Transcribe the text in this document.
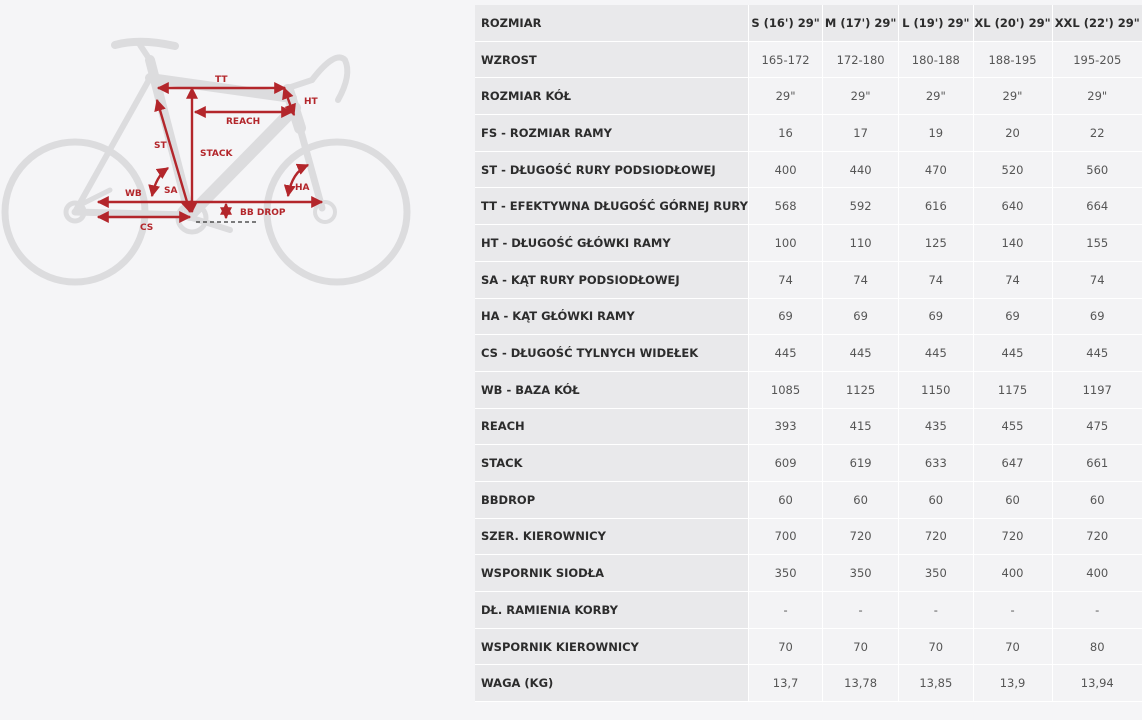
TT
HT
REACH
ST
STACK
WB SA	HA
BB DROP
CS
ROZMIAR	S (16') 29"	M (17') 29"	L (19') 29"	XL (20') 29"	XXL (22') 29"
WZROST	165-172	172-180	180-188	188-195	195-205
ROZMIAR KÓŁ	29"	29"	29"	29"	29"
FS - ROZMIAR RAMY	16	17	19	20	22
ST - DŁUGOŚĆ RURY PODSIODŁOWEJ	400	440	470	520	560
TT - EFEKTYWNA DŁUGOŚĆ GÓRNEJ RURY	568	592	616	640	664
HT - DŁUGOŚĆ GŁÓWKI RAMY	100	110	125	140	155
SA - KĄT RURY PODSIODŁOWEJ	74	74	74	74	74
HA - KĄT GŁÓWKI RAMY	69	69	69	69	69
CS - DŁUGOŚĆ TYLNYCH WIDEŁEK	445	445	445	445	445
WB - BAZA KÓŁ	1085	1125	1150	1175	1197
REACH	393	415	435	455	475
STACK	609	619	633	647	661
BBDROP	60	60	60	60	60
SZER. KIEROWNICY	700	720	720	720	720
WSPORNIK SIODŁA	350	350	350	400	400
DŁ. RAMIENIA KORBY	-	-	-	-	-
WSPORNIK KIEROWNICY	70	70	70	70	80
WAGA (KG)	13,7	13,78	13,85	13,9	13,94
